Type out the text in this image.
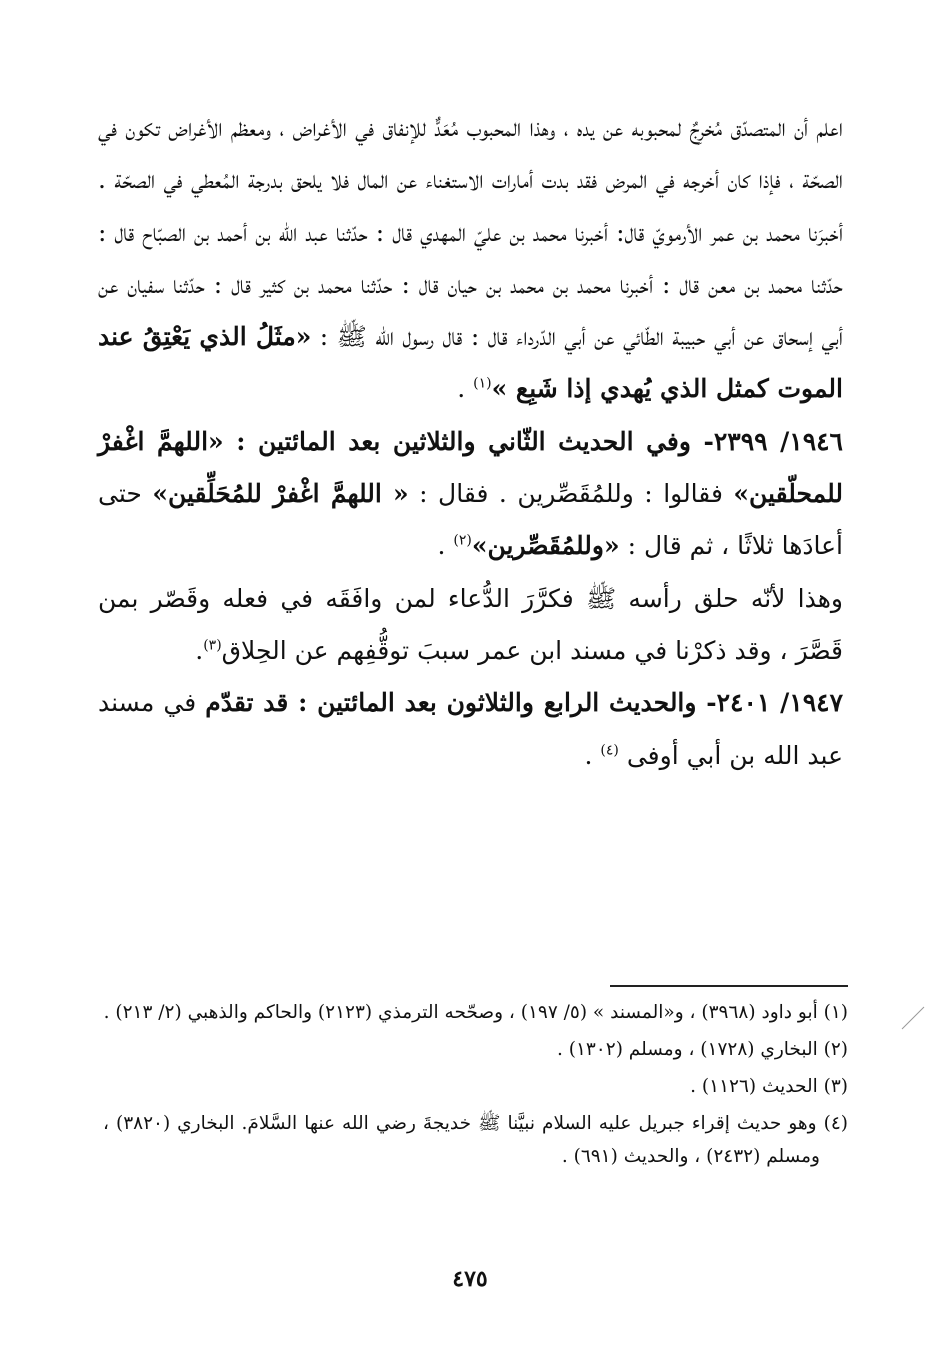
اعلم أن المتصدّق مُخرِجٌ لمحبوبه عن يده ، وهذا المحبوب مُعَدٌّ للإنفاق في الأغراض ، ومعظم الأغراض تكون في الصحّة ، فإذا كان أخرجه في المرض فقد بدت أمارات الاستغناء عن المال فلا يلحق بدرجة المُعطي في الصحّة . أخبرَنا محمد بن عمر الأرمويّ قال: أخبرنا محمد بن عليّ المهدي قال : حدّثنا عبد الله بن أحمد بن الصبّاح قال : حدّثنا محمد بن معن قال : أخبرنا محمد بن محمد بن حيان قال : حدّثنا محمد بن كثير قال : حدّثنا سفيان عن أبي إسحاق عن أبي حبيبة الطّائي عن أبي الدّرداء قال : قال رسول الله ﷺ : «مثَلُ الذي يَعْتِقُ عند الموت كمثل الذي يُهدي إذا شَبِع »$^{(١)}$ .

١٩٤٦/ ٢٣٩٩- وفي الحديث الثّاني والثلاثين بعد المائتين : «اللهمَّ اغْفرْ للمحلّقين» فقالوا : وللمُقَصِّرين . فقال : « اللهمَّ اغْفرْ للمُحَلِّقين» حتى أعادَها ثلاثًا ، ثم قال : «وللمُقَصِّرين»$^{(٢)}$ .

وهذا لأنّه حلق رأسه ﷺ فكرَّرَ الدُّعاء لمن وافَقَه في فعله وقَصّر بمن قَصَّرَ ، وقد ذكرْنا في مسند ابن عمر سببَ توقُّفِهم عن الحِلاق$^{(٣)}$.

١٩٤٧/ ٢٤٠١- والحديث الرابع والثلاثون بعد المائتين : قد تقدّم في مسند عبد الله بن أبي أوفى $^{(٤)}$ .

(١) أبو داود (٣٩٦٨) ، و«المسند » (٥/ ١٩٧) ، وصحّحه الترمذي (٢١٢٣) والحاكم والذهبي (٢/ ٢١٣) .

(٢) البخاري (١٧٢٨) ، ومسلم (١٣٠٢) .

(٣) الحديث (١١٢٦) .

(٤) وهو حديث إقراء جبريل عليه السلام نبيَّنا ﷺ خديجةَ رضي الله عنها السَّلامَ. البخاري (٣٨٢٠) ، ومسلم (٢٤٣٢) ، والحديث (٦٩١) .

٤٧٥
